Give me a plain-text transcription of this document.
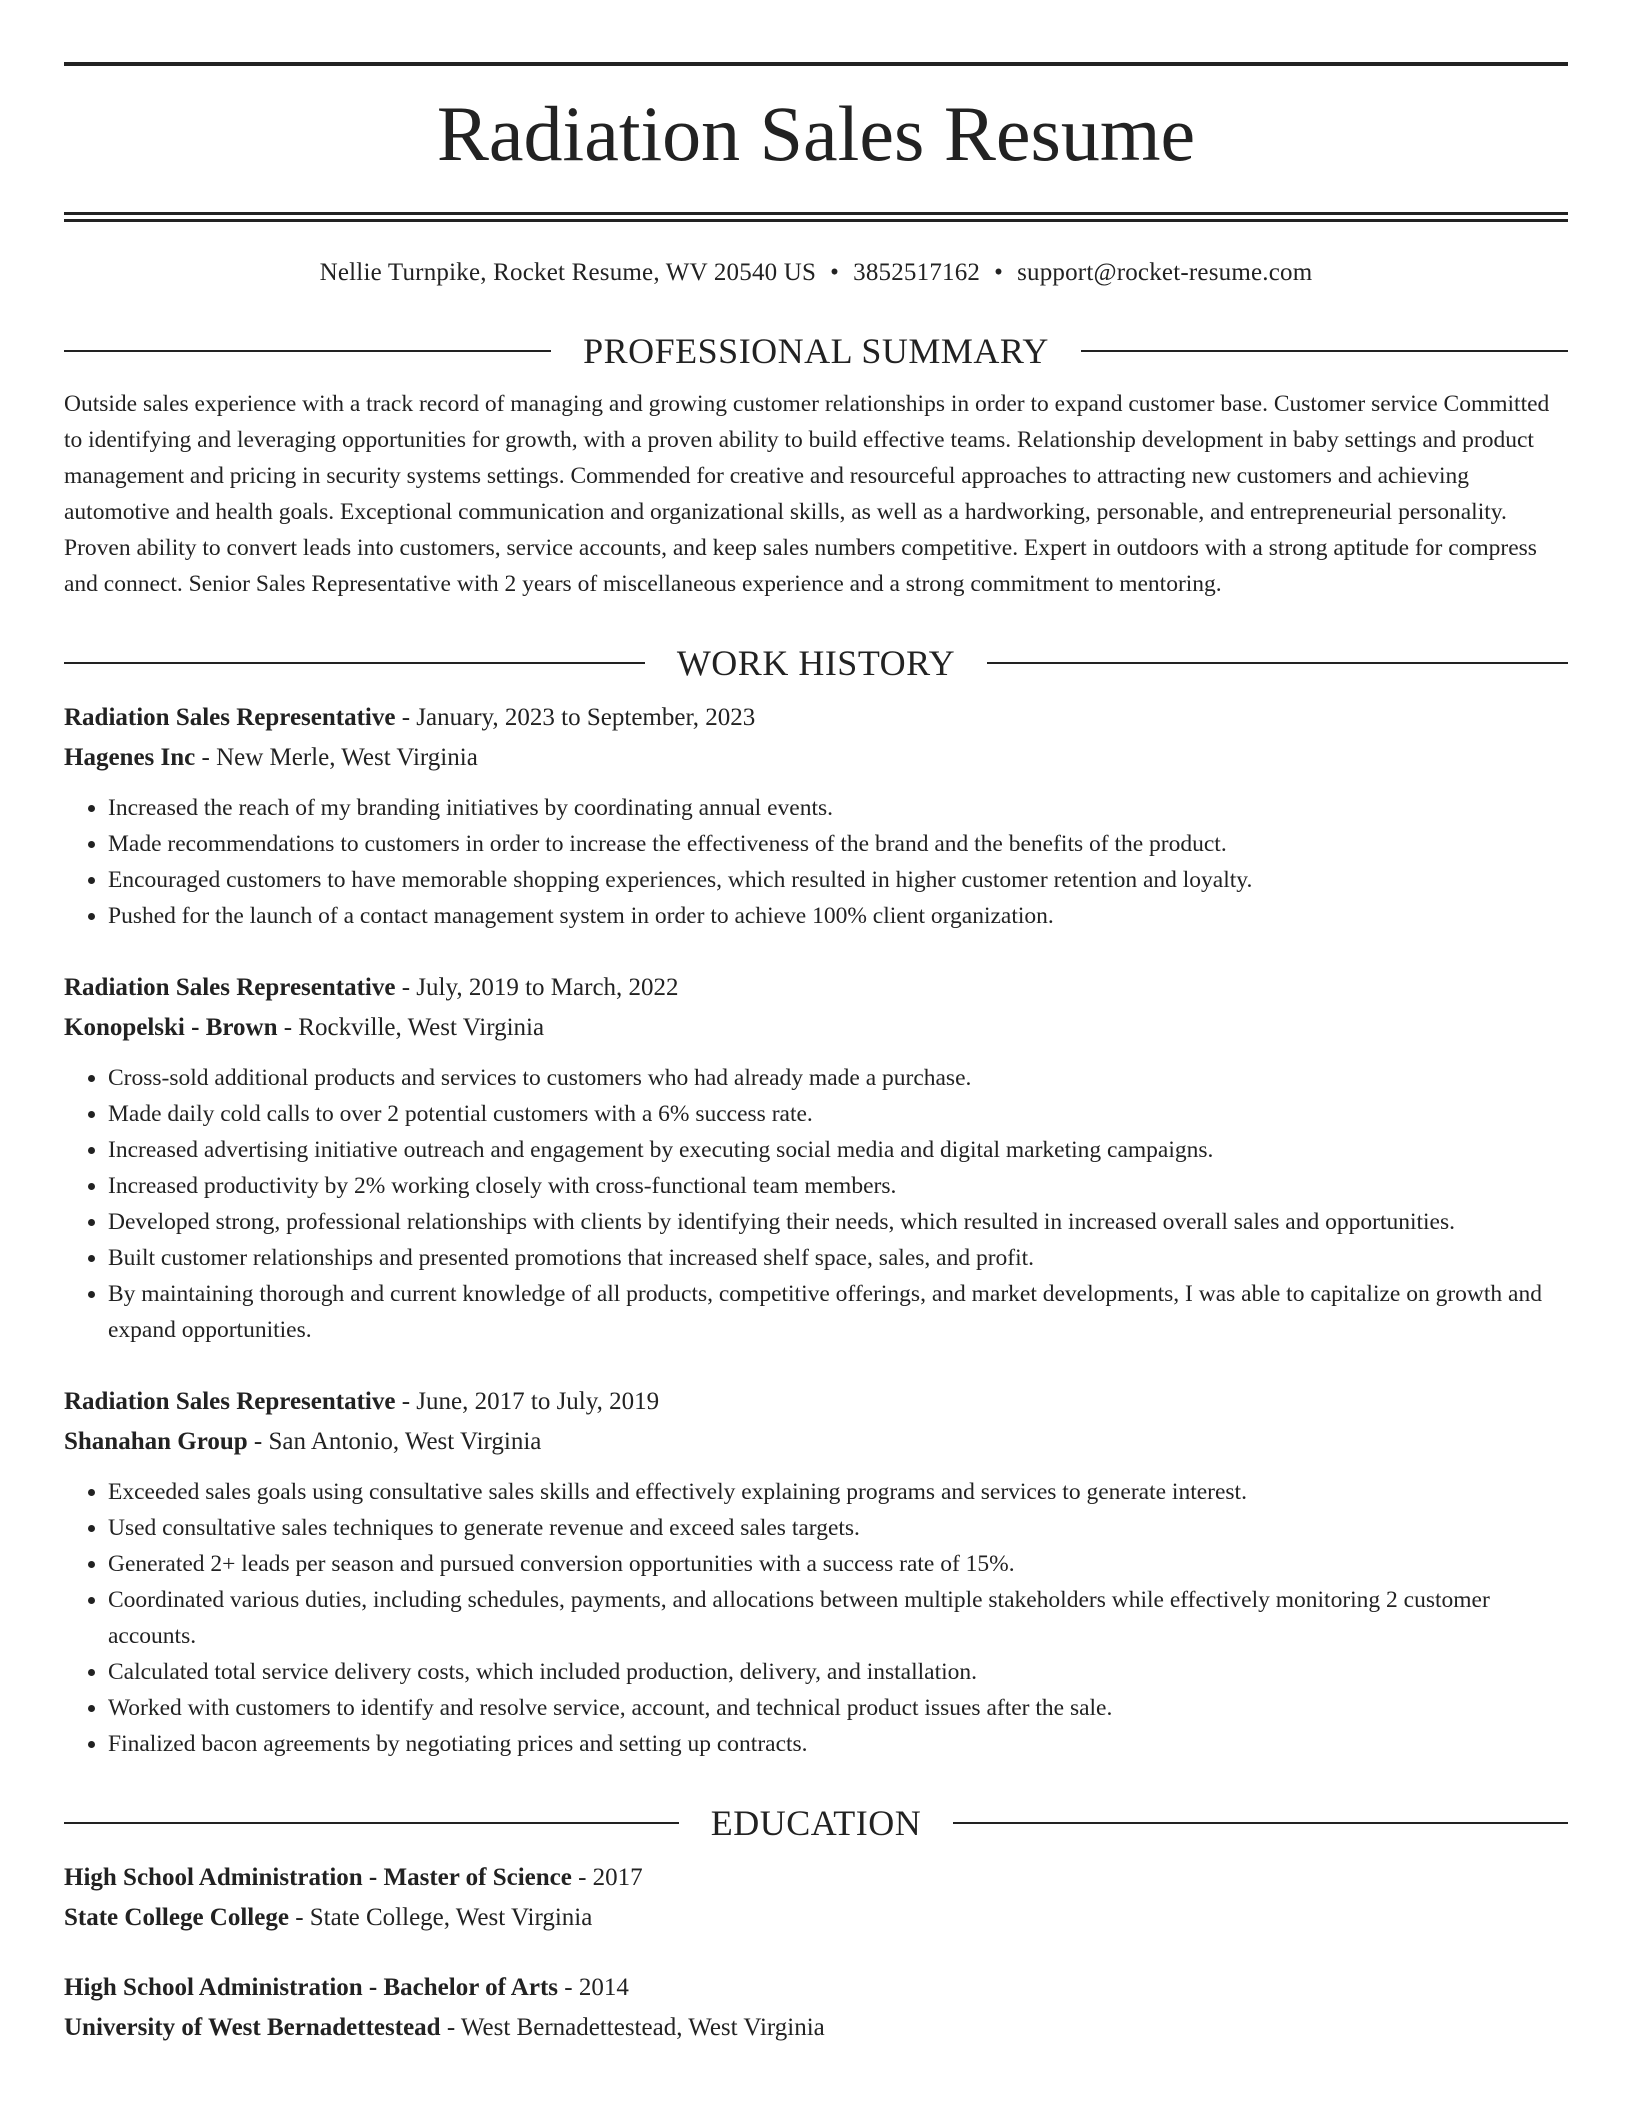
Radiation Sales Resume
Nellie Turnpike, Rocket Resume, WV 20540 US • 3852517162 • support@rocket-resume.com
PROFESSIONAL SUMMARY

Outside sales experience with a track record of managing and growing customer relationships in order to expand customer base. Customer service Committed to identifying and leveraging opportunities for growth, with a proven ability to build effective teams. Relationship development in baby settings and product management and pricing in security systems settings. Commended for creative and resourceful approaches to attracting new customers and achieving automotive and health goals. Exceptional communication and organizational skills, as well as a hardworking, personable, and entrepreneurial personality. Proven ability to convert leads into customers, service accounts, and keep sales numbers competitive. Expert in outdoors with a strong aptitude for compress and connect. Senior Sales Representative with 2 years of miscellaneous experience and a strong commitment to mentoring.

WORK HISTORY
Radiation Sales Representative - January, 2023 to September, 2023
Hagenes Inc - New Merle, West Virginia
• Increased the reach of my branding initiatives by coordinating annual events.
• Made recommendations to customers in order to increase the effectiveness of the brand and the benefits of the product.
• Encouraged customers to have memorable shopping experiences, which resulted in higher customer retention and loyalty.
• Pushed for the launch of a contact management system in order to achieve 100% client organization.
Radiation Sales Representative - July, 2019 to March, 2022
Konopelski - Brown - Rockville, West Virginia
• Cross-sold additional products and services to customers who had already made a purchase.
• Made daily cold calls to over 2 potential customers with a 6% success rate.
• Increased advertising initiative outreach and engagement by executing social media and digital marketing campaigns.
• Increased productivity by 2% working closely with cross-functional team members.
• Developed strong, professional relationships with clients by identifying their needs, which resulted in increased overall sales and opportunities.
• Built customer relationships and presented promotions that increased shelf space, sales, and profit.
• By maintaining thorough and current knowledge of all products, competitive offerings, and market developments, I was able to capitalize on growth and expand opportunities.
Radiation Sales Representative - June, 2017 to July, 2019
Shanahan Group - San Antonio, West Virginia
• Exceeded sales goals using consultative sales skills and effectively explaining programs and services to generate interest.
• Used consultative sales techniques to generate revenue and exceed sales targets.
• Generated 2+ leads per season and pursued conversion opportunities with a success rate of 15%.
• Coordinated various duties, including schedules, payments, and allocations between multiple stakeholders while effectively monitoring 2 customer accounts.
• Calculated total service delivery costs, which included production, delivery, and installation.
• Worked with customers to identify and resolve service, account, and technical product issues after the sale.
• Finalized bacon agreements by negotiating prices and setting up contracts.
EDUCATION
High School Administration - Master of Science - 2017
State College College - State College, West Virginia
High School Administration - Bachelor of Arts - 2014
University of West Bernadettestead - West Bernadettestead, West Virginia
